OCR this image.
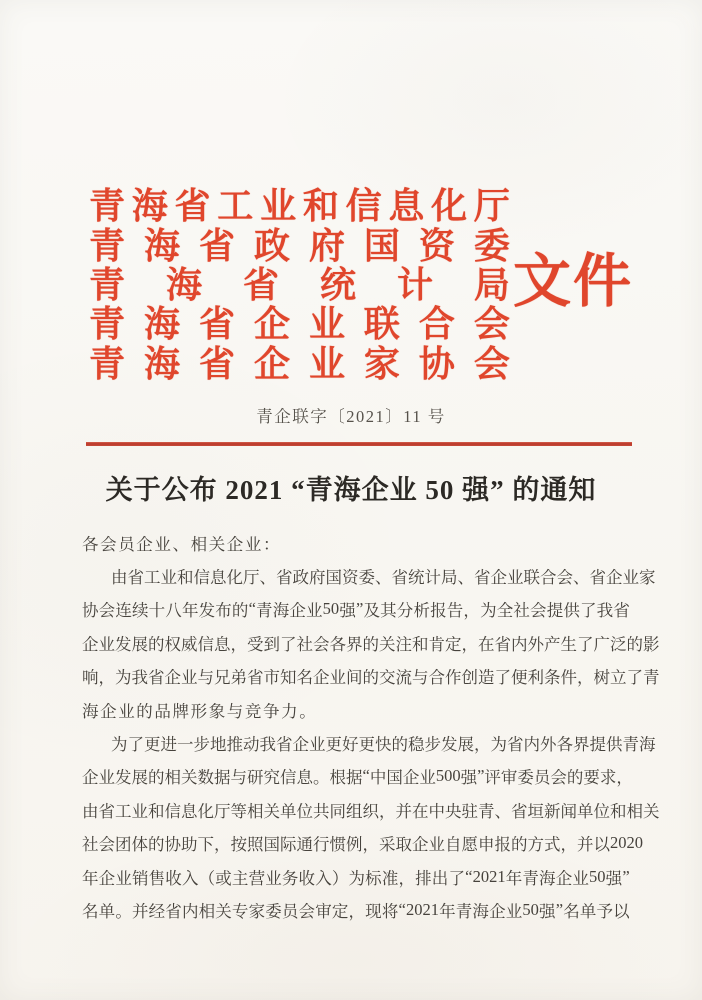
青 海 省 工 业 和 信 息 化 厅
青 海 省 政 府 国 资 委
青 海 省 统 计 局
青 海 省 企 业 联 合 会
青 海 省 企 业 家 协 会
文件
青企联字〔2021〕11 号
关于公布 2021 “青海企业 50 强” 的通知
各会员企业、相关企业：
由 省 工 业 和 信 息 化 厅 、 省 政 府 国 资 委 、 省 统 计 局 、 省 企 业 联 合 会 、 省 企 业 家
协 会 连 续 十 八 年 发 布 的 “ 青 海 企 业 50 强 ” 及 其 分 析 报 告 ， 为 全 社 会 提 供 了 我 省
企 业 发 展 的 权 威 信 息 ， 受 到 了 社 会 各 界 的 关 注 和 肯 定 ， 在 省 内 外 产 生 了 广 泛 的 影
响 ， 为 我 省 企 业 与 兄 弟 省 市 知 名 企 业 间 的 交 流 与 合 作 创 造 了 便 利 条 件 ， 树 立 了 青
海企业的品牌形象与竞争力。
为 了 更 进 一 步 地 推 动 我 省 企 业 更 好 更 快 的 稳 步 发 展 ， 为 省 内 外 各 界 提 供 青 海
企 业 发 展 的 相 关 数 据 与 研 究 信 息 。 根 据 “ 中 国 企 业 500 强 ” 评 审 委 员 会 的 要 求 ，
由 省 工 业 和 信 息 化 厅 等 相 关 单 位 共 同 组 织 ， 并 在 中 央 驻 青 、 省 垣 新 闻 单 位 和 相 关
社 会 团 体 的 协 助 下 ， 按 照 国 际 通 行 惯 例 ， 采 取 企 业 自 愿 申 报 的 方 式 ， 并 以 2020
年 企 业 销 售 收 入 （ 或 主 营 业 务 收 入 ） 为 标 准 ， 排 出 了 “ 2021 年 青 海 企 业 50 强 ”
名 单 。 并 经 省 内 相 关 专 家 委 员 会 审 定 ， 现 将 “ 2021 年 青 海 企 业 50 强 ” 名 单 予 以
